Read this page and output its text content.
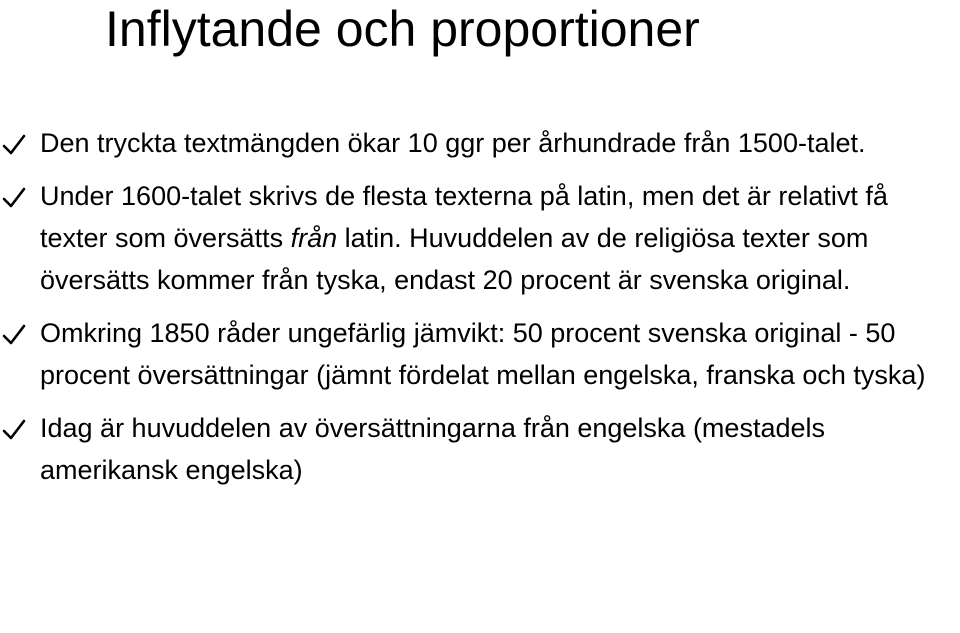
Inflytande och proportioner
Den tryckta textmängden ökar 10 ggr per århundrade från 1500-talet.
Under 1600-talet skrivs de flesta texterna på latin, men det är relativt få texter som översätts från latin. Huvuddelen av de religiösa texter som översätts kommer från tyska, endast 20 procent är svenska original.
Omkring 1850 råder ungefärlig jämvikt: 50 procent svenska original - 50 procent översättningar (jämnt fördelat mellan engelska, franska och tyska)
Idag är huvuddelen av översättningarna från engelska (mestadels amerikansk engelska)
